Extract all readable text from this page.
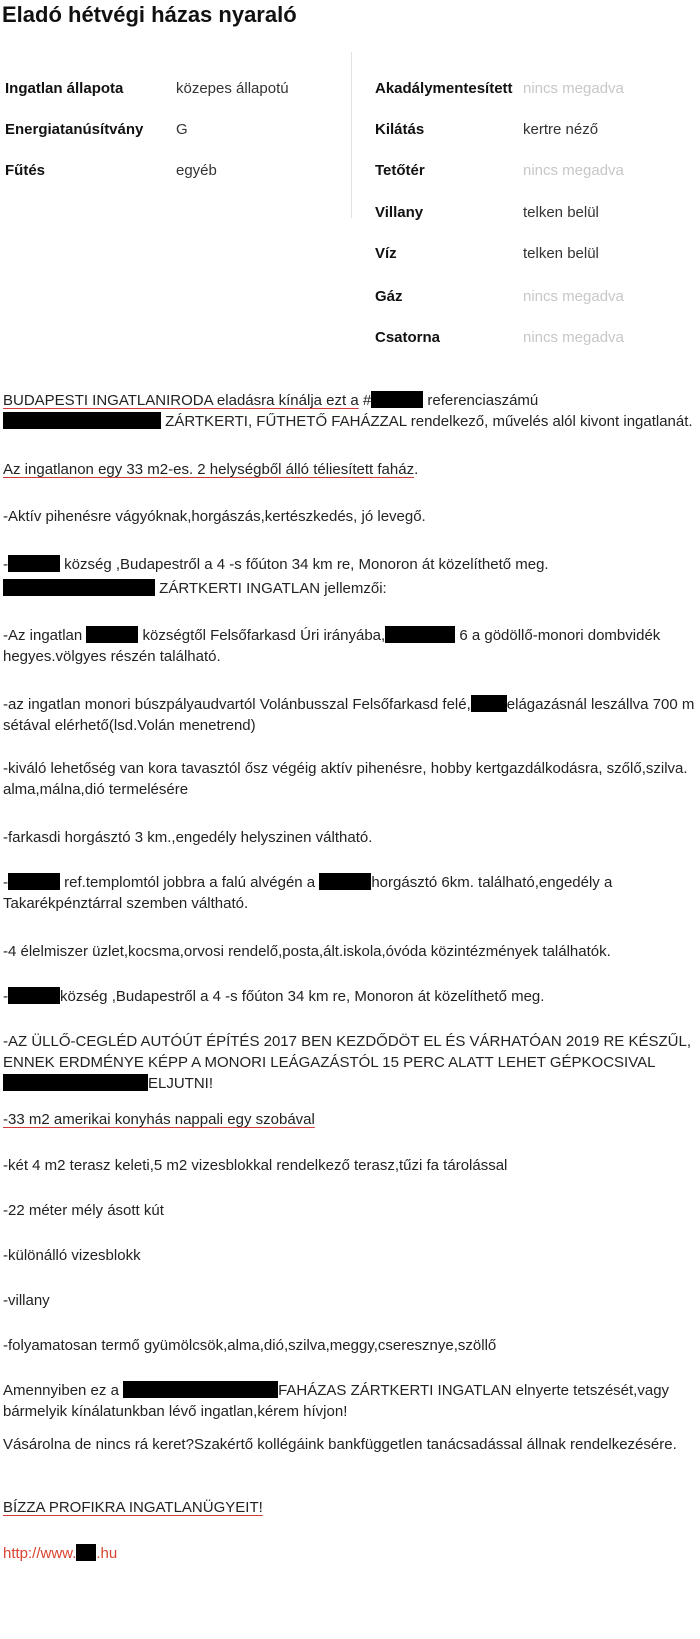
Eladó hétvégi házas nyaraló
Ingatlan állapota	közepes állapotú
Energiatanúsítvány G
Fűtés	egyéb
Akadálymentesített nincs megadva
Kilátás	kertre néző
Tetőtér	nincs megadva
Villany	telken belül
Víz	telken belül
Gáz	nincs megadva
Csatorna	nincs megadva
BUDAPESTI INGATLANIRODA eladásra kínálja ezt a #	referenciaszámú
ZÁRTKERTI, FŰTHETŐ FAHÁZZAL rendelkező, művelés alól kivont ingatlanát.
Az ingatlanon egy 33 m2-es. 2 helységből álló téliesített faház.
-Aktív pihenésre vágyóknak,horgászás,kertészkedés, jó levegő.
-	község ,Budapestről a 4 -s főúton 34 km re, Monoron át közelíthető meg.
ZÁRTKERTI INGATLAN jellemzői:
-Az ingatlan	községtől Felsőfarkasd Úri irányába,	6 a gödöllő-monori dombvidék hegyes.völgyes részén található.
-az ingatlan monori búszpályaudvartól Volánbusszal Felsőfarkasd felé, elágazásnál leszállva 700 m sétával elérhető(lsd.Volán menetrend)
-kiváló lehetőség van kora tavasztól ősz végéig aktív pihenésre, hobby kertgazdálkodásra, szőlő,szilva. alma,málna,dió termelésére
-farkasdi horgásztó 3 km.,engedély helyszinen váltható.
-	ref.templomtól jobbra a falú alvégén a	horgásztó 6km. található,engedély a Takarékpénztárral szemben váltható.
-4 élelmiszer üzlet,kocsma,orvosi rendelő,posta,ált.iskola,óvóda közintézmények találhatók.
-	község ,Budapestről a 4 -s főúton 34 km re, Monoron át közelíthető meg.
-AZ ÜLLŐ-CEGLÉD AUTÓÚT ÉPÍTÉS 2017 BEN KEZDŐDÖT EL ÉS VÁRHATÓAN 2019 RE KÉSZŰL, ENNEK ERDMÉNYE KÉPP A MONORI LEÁGAZÁSTÓL 15 PERC ALATT LEHET GÉPKOCSIVAL
ELJUTNI!
-33 m2 amerikai konyhás nappali egy szobával
-két 4 m2 terasz keleti,5 m2 vizesblokkal rendelkező terasz,tűzi fa tárolással
-22 méter mély ásott kút
-különálló vizesblokk
-villany
-folyamatosan termő gyümölcsök,alma,dió,szilva,meggy,cseresznye,szöllő
Amennyiben ez a	FAHÁZAS ZÁRTKERTI INGATLAN elnyerte tetszését,vagy bármelyik kínálatunkban lévő ingatlan,kérem hívjon!
Vásárolna de nincs rá keret?Szakértő kollégáink bankfüggetlen tanácsadással állnak rendelkezésére.
BÍZZA PROFIKRA INGATLANÜGYEIT!
http://www. .hu
